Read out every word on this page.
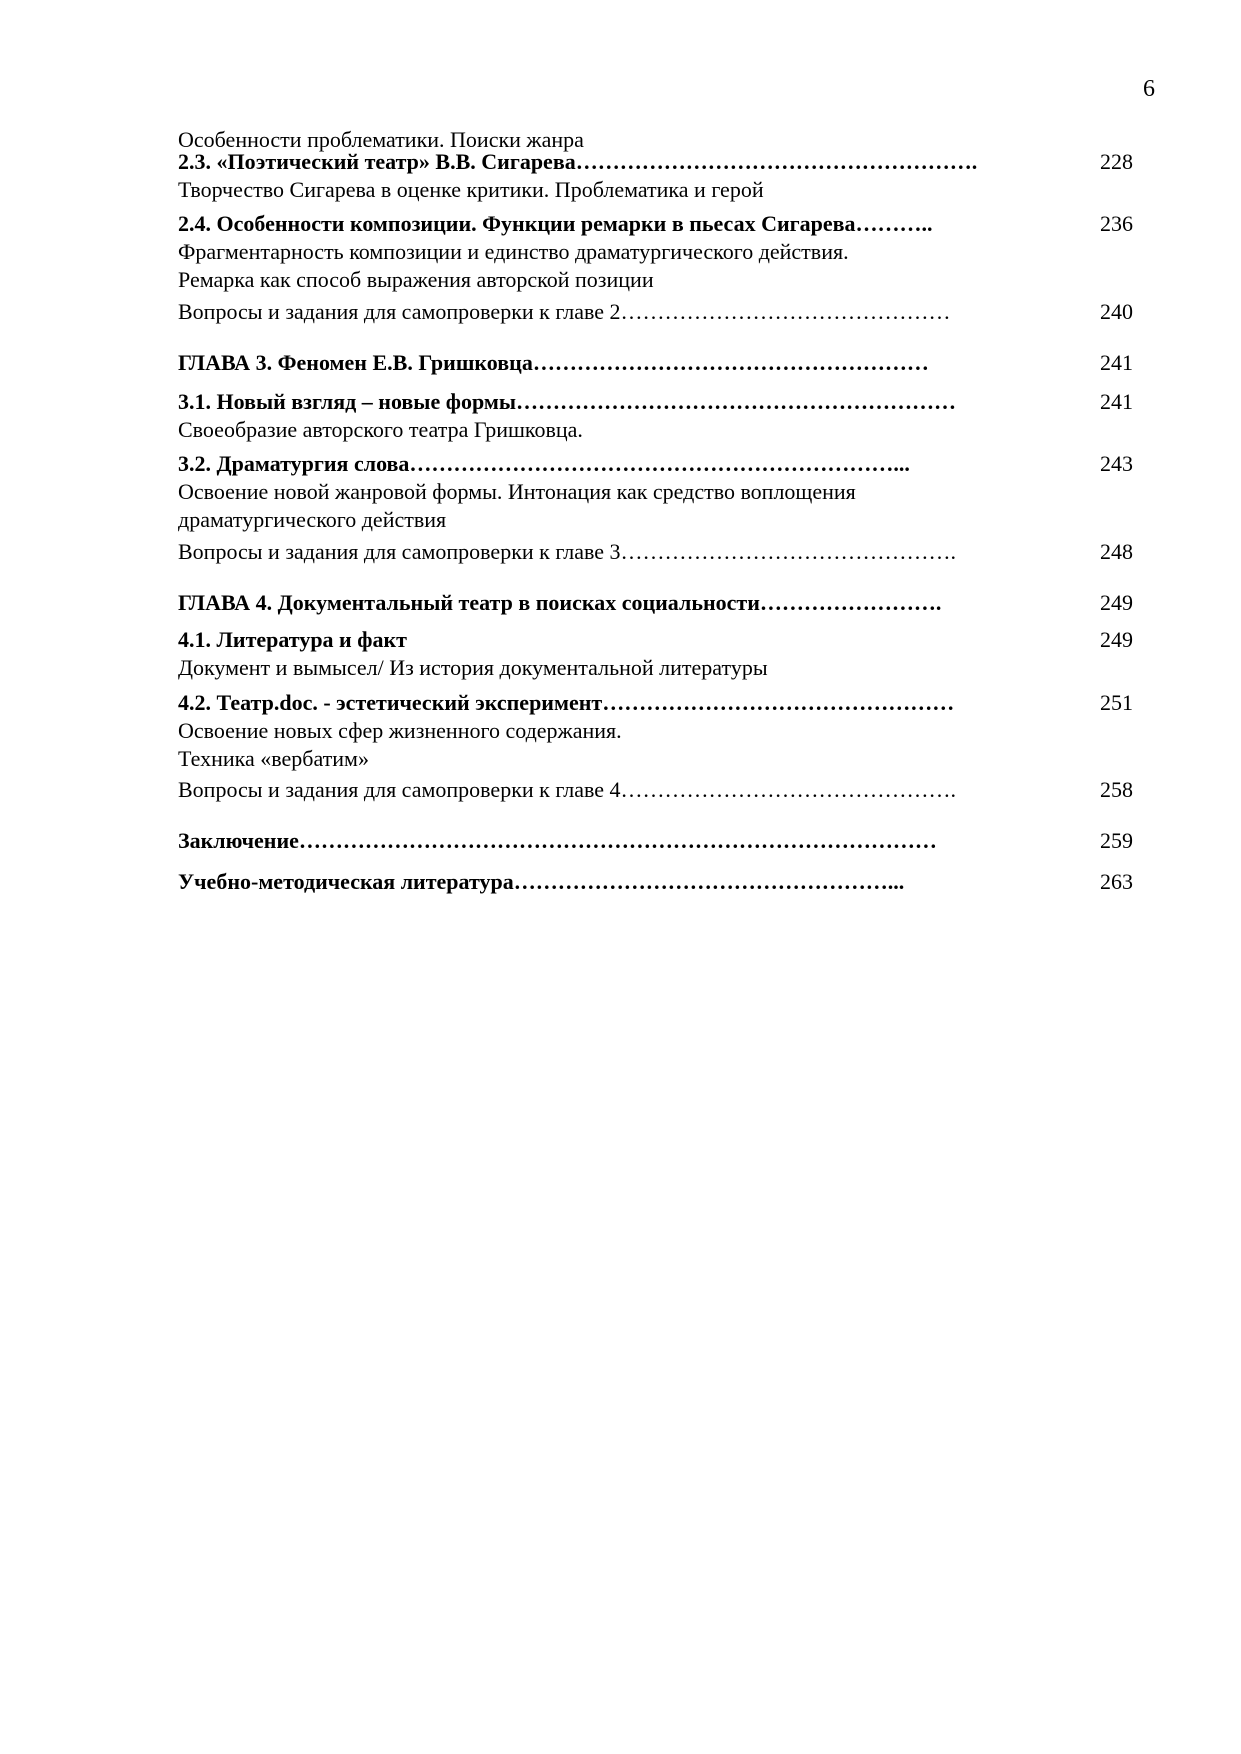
6
Особенности проблематики. Поиски жанра
2.3. «Поэтический театр» В.В. Сигарева ……………………………………………….	228
Творчество Сигарева в оценке критики. Проблематика и герой
2.4. Особенности композиции. Функции ремарки в пьесах Сигарева ………..	236
Фрагментарность композиции и единство драматургического действия.
Ремарка как способ выражения авторской позиции
Вопросы и задания для самопроверки к главе 2 ………………………………………	240
ГЛАВА 3. Феномен Е.В. Гришковца ………………………………………………	241
3.1. Новый взгляд – новые формы ……………………………………………………	241
Своеобразие авторского театра Гришковца.
3.2. Драматургия слова …………………………………………………………...	243
Освоение новой жанровой формы. Интонация как средство воплощения
драматургического действия
Вопросы и задания для самопроверки к главе 3 ……………………………………….	248
ГЛАВА 4. Документальный театр в поисках социальности …………………….	249
4.1. Литература и факт	249
Документ и вымысел/ Из история документальной литературы
4.2. Театр.doc. - эстетический эксперимент …………………………………………	251
Освоение новых сфер жизненного содержания.
Техника «вербатим»
Вопросы и задания для самопроверки к главе 4 ……………………………………….	258
Заключение ……………………………………………………………………………	259
Учебно-методическая литература ……………………………………………...	263
